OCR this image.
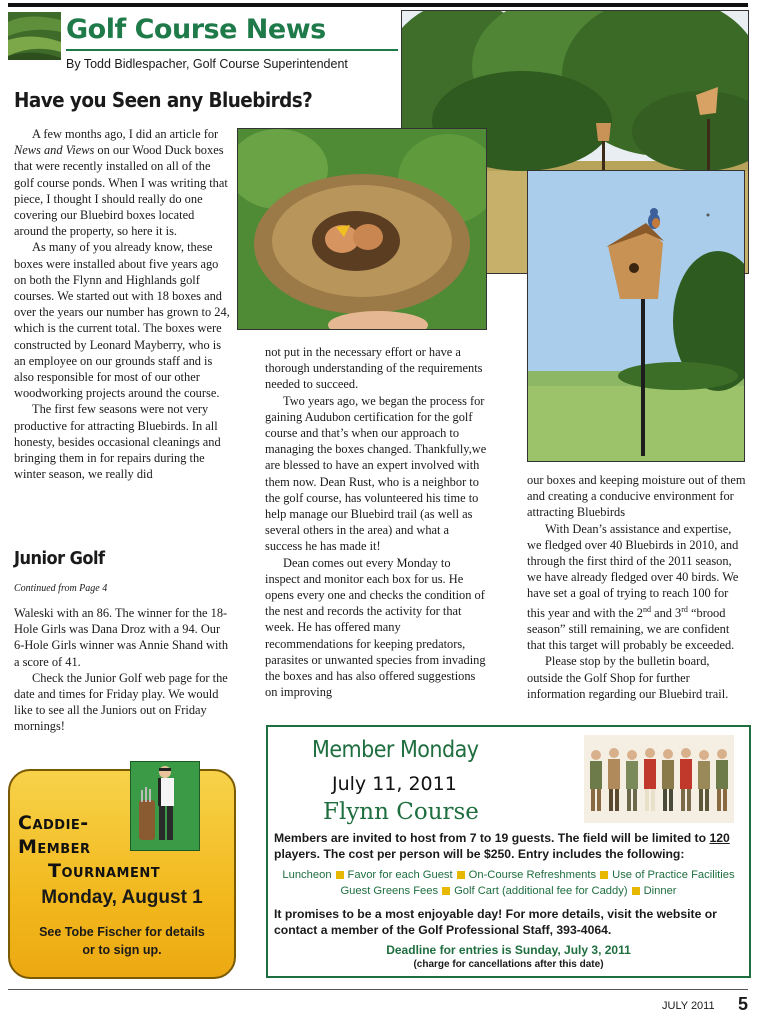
Golf Course News
By Todd Bidlespacher, Golf Course Superintendent
Have you Seen any Bluebirds?

A few months ago, I did an article for News and Views on our Wood Duck boxes that were recently installed on all of the golf course ponds. When I was writing that piece, I thought I should really do one covering our Bluebird boxes located around the property, so here it is.

As many of you already know, these boxes were installed about five years ago on both the Flynn and Highlands golf courses. We started out with 18 boxes and over the years our number has grown to 24, which is the current total. The boxes were constructed by Leonard Mayberry, who is an employee on our grounds staff and is also responsible for most of our other woodworking projects around the course.

The first few seasons were not very productive for attracting Bluebirds. In all honesty, besides occasional cleanings and bringing them in for repairs during the winter season, we really did

not put in the necessary effort or have a thorough understanding of the requirements needed to succeed.

Two years ago, we began the process for gaining Audubon certification for the golf course and that’s when our approach to managing the boxes changed. Thankfully,we are blessed to have an expert involved with them now. Dean Rust, who is a neighbor to the golf course, has volunteered his time to help manage our Bluebird trail (as well as several others in the area) and what a success he has made it!

Dean comes out every Monday to inspect and monitor each box for us. He opens every one and checks the condition of the nest and records the activity for that week. He has offered many recommendations for keeping predators, parasites or unwanted species from invading the boxes and has also offered suggestions on improving

our boxes and keeping moisture out of them and creating a conducive environment for attracting Bluebirds

With Dean’s assistance and expertise, we fledged over 40 Bluebirds in 2010, and through the first third of the 2011 season, we have already fledged over 40 birds. We have set a goal of trying to reach 100 for this year and with the 2nd and 3rd “brood season” still remaining, we are confident that this target will probably be exceeded.

Please stop by the bulletin board, outside the Golf Shop for further information regarding our Bluebird trail.

Junior Golf
Continued from Page 4

Waleski with an 86. The winner for the 18-Hole Girls was Dana Droz with a 94. Our 6-Hole Girls winner was Annie Shand with a score of 41.

Check the Junior Golf web page for the date and times for Friday play. We would like to see all the Juniors out on Friday mornings!

Caddie-
Member
Tournament
Monday, August 1
See Tobe Fischer for details
or to sign up.
Member Monday
July 11, 2011
Flynn Course
Members are invited to host from 7 to 19 guests. The field will be limited to 120 players. The cost per person will be $250. Entry includes the following:
Luncheon Favor for each Guest On-Course Refreshments Use of Practice Facilities
Guest Greens Fees Golf Cart (additional fee for Caddy) Dinner
It promises to be a most enjoyable day! For more details, visit the website or contact a member of the Golf Professional Staff, 393-4064.
Deadline for entries is Sunday, July 3, 2011
(charge for cancellations after this date)
JULY 2011 5
